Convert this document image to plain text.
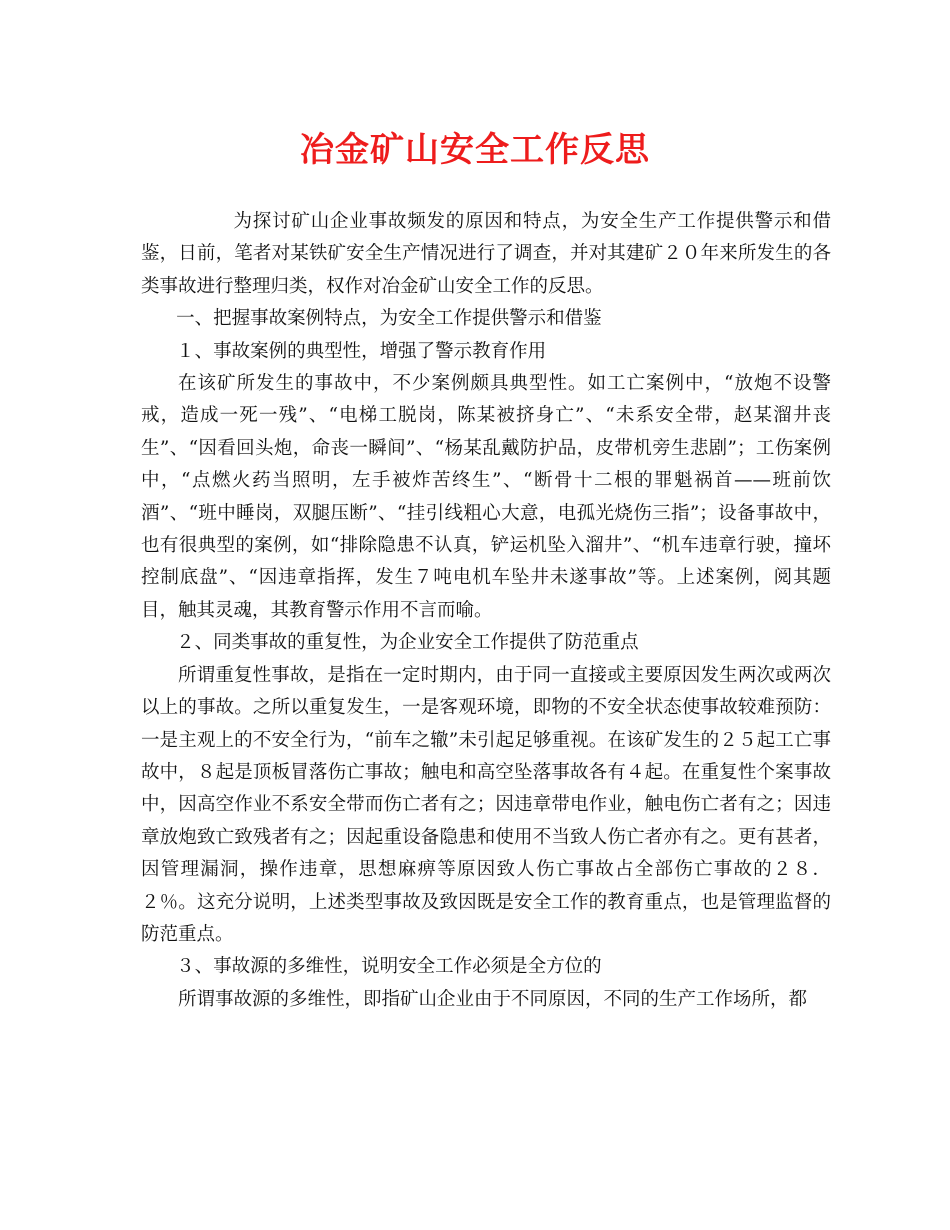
冶金矿山安全工作反思

为探讨矿山企业事故频发的原因和特点，为安全生产工作提供警示和借鉴，日前，笔者对某铁矿安全生产情况进行了调查，并对其建矿２０年来所发生的各类事故进行整理归类，权作对冶金矿山安全工作的反思。

一、把握事故案例特点，为安全工作提供警示和借鉴

１、事故案例的典型性，增强了警示教育作用

在该矿所发生的事故中，不少案例颇具典型性。如工亡案例中，“放炮不设警戒，造成一死一残”、“电梯工脱岗，陈某被挤身亡”、“未系安全带，赵某溜井丧生”、“因看回头炮，命丧一瞬间”、“杨某乱戴防护品，皮带机旁生悲剧”；工伤案例中，“点燃火药当照明，左手被炸苦终生”、“断骨十二根的罪魁祸首——班前饮酒”、“班中睡岗，双腿压断”、“挂引线粗心大意，电孤光烧伤三指”；设备事故中，也有很典型的案例，如“排除隐患不认真，铲运机坠入溜井”、“机车违章行驶，撞坏控制底盘”、“因违章指挥，发生７吨电机车坠井未遂事故”等。上述案例，阅其题目，触其灵魂，其教育警示作用不言而喻。

２、同类事故的重复性，为企业安全工作提供了防范重点

所谓重复性事故，是指在一定时期内，由于同一直接或主要原因发生两次或两次以上的事故。之所以重复发生，一是客观环境，即物的不安全状态使事故较难预防：一是主观上的不安全行为，“前车之辙”未引起足够重视。在该矿发生的２５起工亡事故中，８起是顶板冒落伤亡事故；触电和高空坠落事故各有４起。在重复性个案事故中，因高空作业不系安全带而伤亡者有之；因违章带电作业，触电伤亡者有之；因违章放炮致亡致残者有之；因起重设备隐患和使用不当致人伤亡者亦有之。更有甚者，因管理漏洞，操作违章，思想麻痹等原因致人伤亡事故占全部伤亡事故的２８．２％。这充分说明，上述类型事故及致因既是安全工作的教育重点，也是管理监督的防范重点。

３、事故源的多维性，说明安全工作必须是全方位的

所谓事故源的多维性，即指矿山企业由于不同原因，不同的生产工作场所，都
